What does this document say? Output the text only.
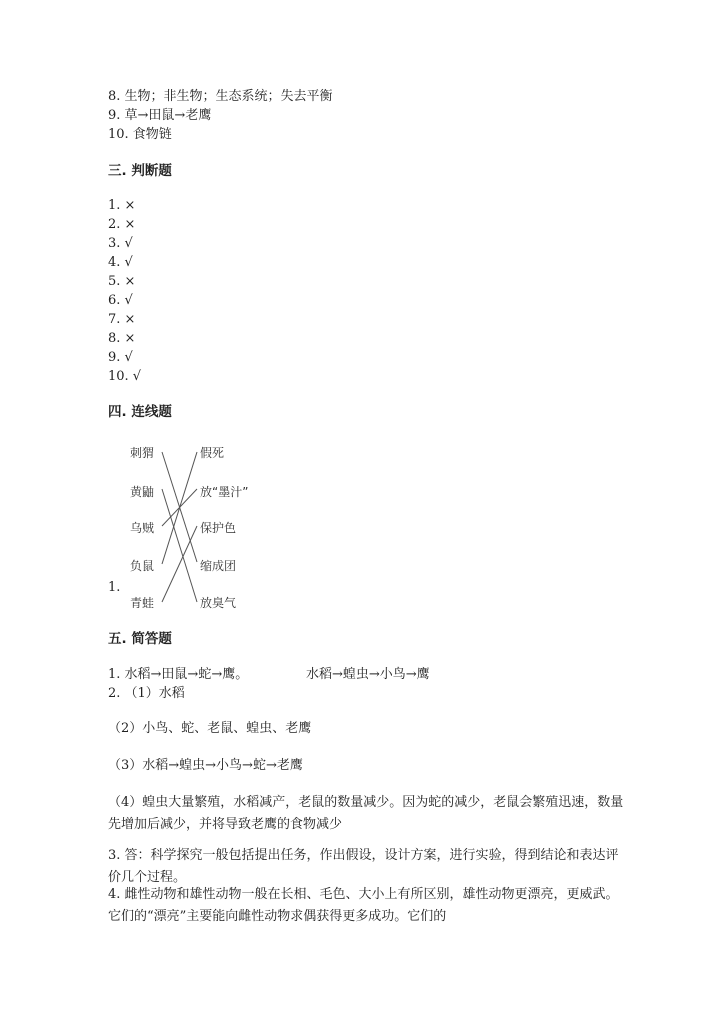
8. 生物；非生物；生态系统；失去平衡
9. 草→田鼠→老鹰
10. 食物链
三. 判断题
1. ×
2. ×
3. √
4. √
5. ×
6. √
7. ×
8. ×
9. √
10. √
四. 连线题
刺猬
黄鼬
乌贼
负鼠
青蛙
假死
放“墨汁”
保护色
缩成团
放臭气
1.
五. 简答题
1. 水稻→田鼠→蛇→鹰。	水稻→蝗虫→小鸟→鹰
2. （1）水稻
（2）小鸟、蛇、老鼠、蝗虫、老鹰
（3）水稻→蝗虫→小鸟→蛇→老鹰
（4）蝗虫大量繁殖，水稻减产，老鼠的数量减少。因为蛇的减少，老鼠会繁殖迅速，数量先增加后减少，并将导致老鹰的食物减少
3. 答：科学探究一般包括提出任务，作出假设，设计方案，进行实验，得到结论和表达评价几个过程。
4. 雌性动物和雄性动物一般在长相、毛色、大小上有所区别，雄性动物更漂亮，更威武。它们的“漂亮”主要能向雌性动物求偶获得更多成功。它们的
